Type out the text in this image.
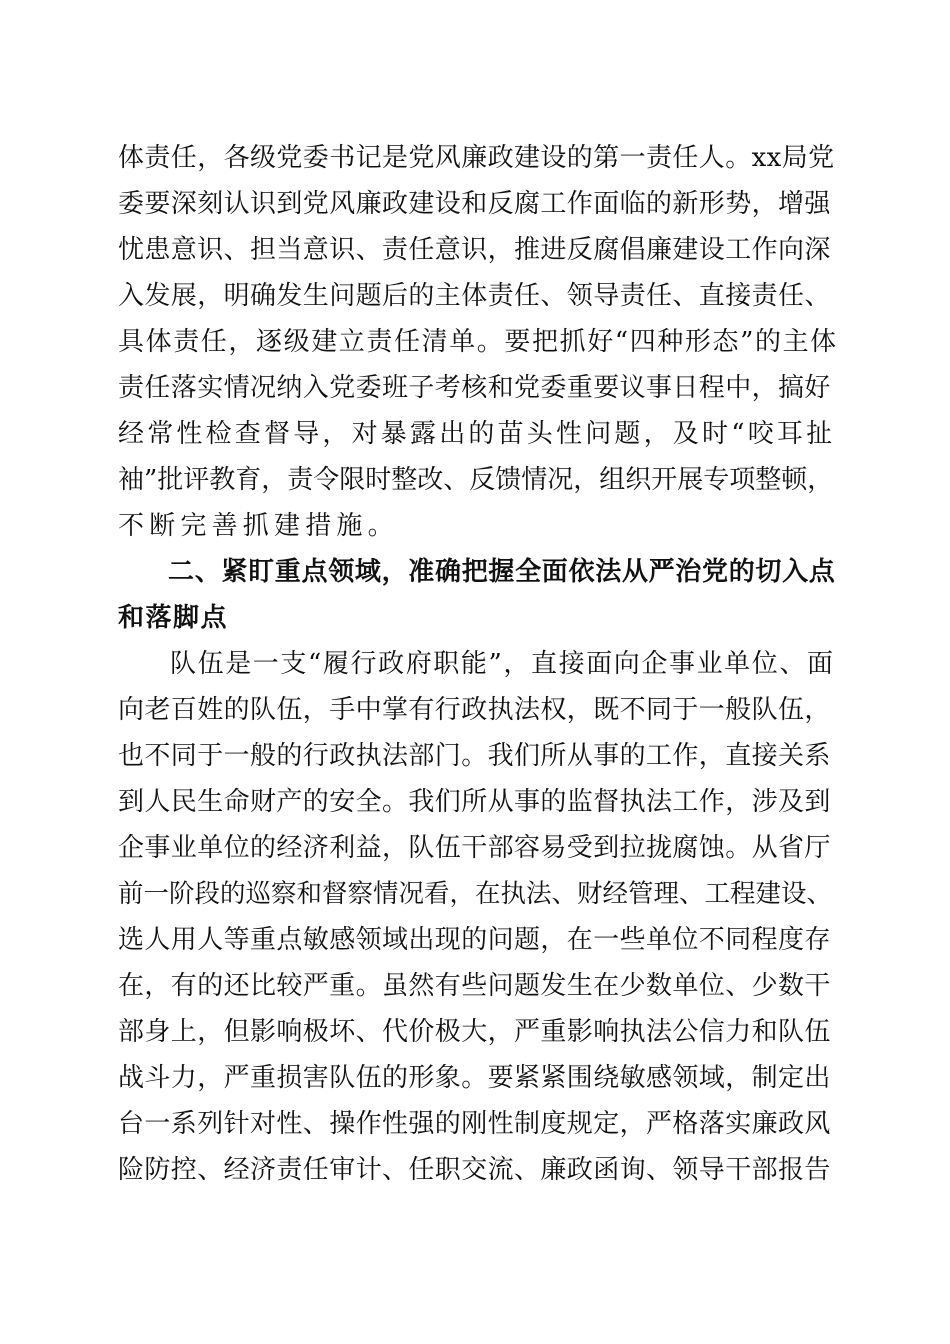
体责任，各级党委书记是党风廉政建设的第一责任人。xx局党
委要深刻认识到党风廉政建设和反腐工作面临的新形势，增强
忧患意识、担当意识、责任意识，推进反腐倡廉建设工作向深
入发展，明确发生问题后的主体责任、领导责任、直接责任、
具体责任，逐级建立责任清单。要把抓好“四种形态”的主体
责任落实情况纳入党委班子考核和党委重要议事日程中，搞好
经常性检查督导，对暴露出的苗头性问题，及时“咬耳扯
袖”批评教育，责令限时整改、反馈情况，组织开展专项整顿，
不断完善抓建措施。
二、紧盯重点领域，准确把握全面依法从严治党的切入点
和落脚点
队伍是一支“履行政府职能”，直接面向企事业单位、面
向老百姓的队伍，手中掌有行政执法权，既不同于一般队伍，
也不同于一般的行政执法部门。我们所从事的工作，直接关系
到人民生命财产的安全。我们所从事的监督执法工作，涉及到
企事业单位的经济利益，队伍干部容易受到拉拢腐蚀。从省厅
前一阶段的巡察和督察情况看，在执法、财经管理、工程建设、
选人用人等重点敏感领域出现的问题，在一些单位不同程度存
在，有的还比较严重。虽然有些问题发生在少数单位、少数干
部身上，但影响极坏、代价极大，严重影响执法公信力和队伍
战斗力，严重损害队伍的形象。要紧紧围绕敏感领域，制定出
台一系列针对性、操作性强的刚性制度规定，严格落实廉政风
险防控、经济责任审计、任职交流、廉政函询、领导干部报告
